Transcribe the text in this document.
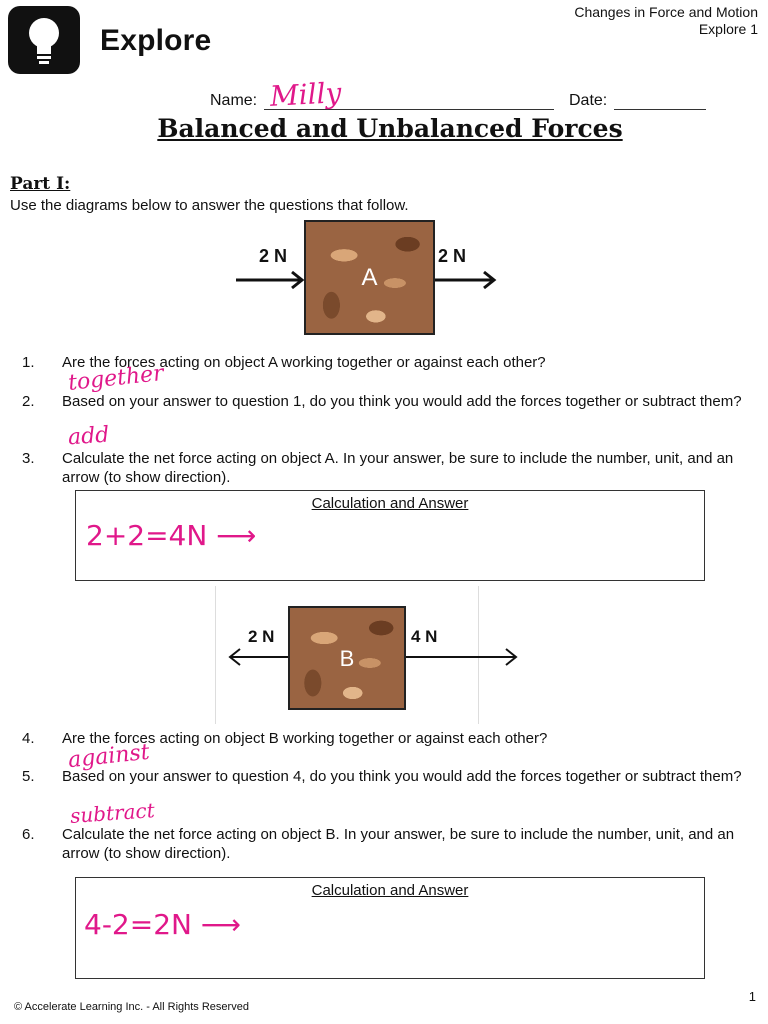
Explore
Changes in Force and Motion
Explore 1
Name: Milly	Date:
Balanced and Unbalanced Forces
Part I:
Use the diagrams below to answer the questions that follow.
A
2 N	2 N
1. Are the forces acting on object A working together or against each other?
together
2. Based on your answer to question 1, do you think you would add the forces together or subtract them?
add
3. Calculate the net force acting on object A. In your answer, be sure to include the number, unit, and an arrow (to show direction).
Calculation and Answer
2+2=4N ⟶
B
2 N	4 N
4. Are the forces acting on object B working together or against each other?
against
5. Based on your answer to question 4, do you think you would add the forces together or subtract them?
subtract
6. Calculate the net force acting on object B. In your answer, be sure to include the number, unit, and an arrow (to show direction).
Calculation and Answer
4-2=2N ⟶
© Accelerate Learning Inc. - All Rights Reserved
1
